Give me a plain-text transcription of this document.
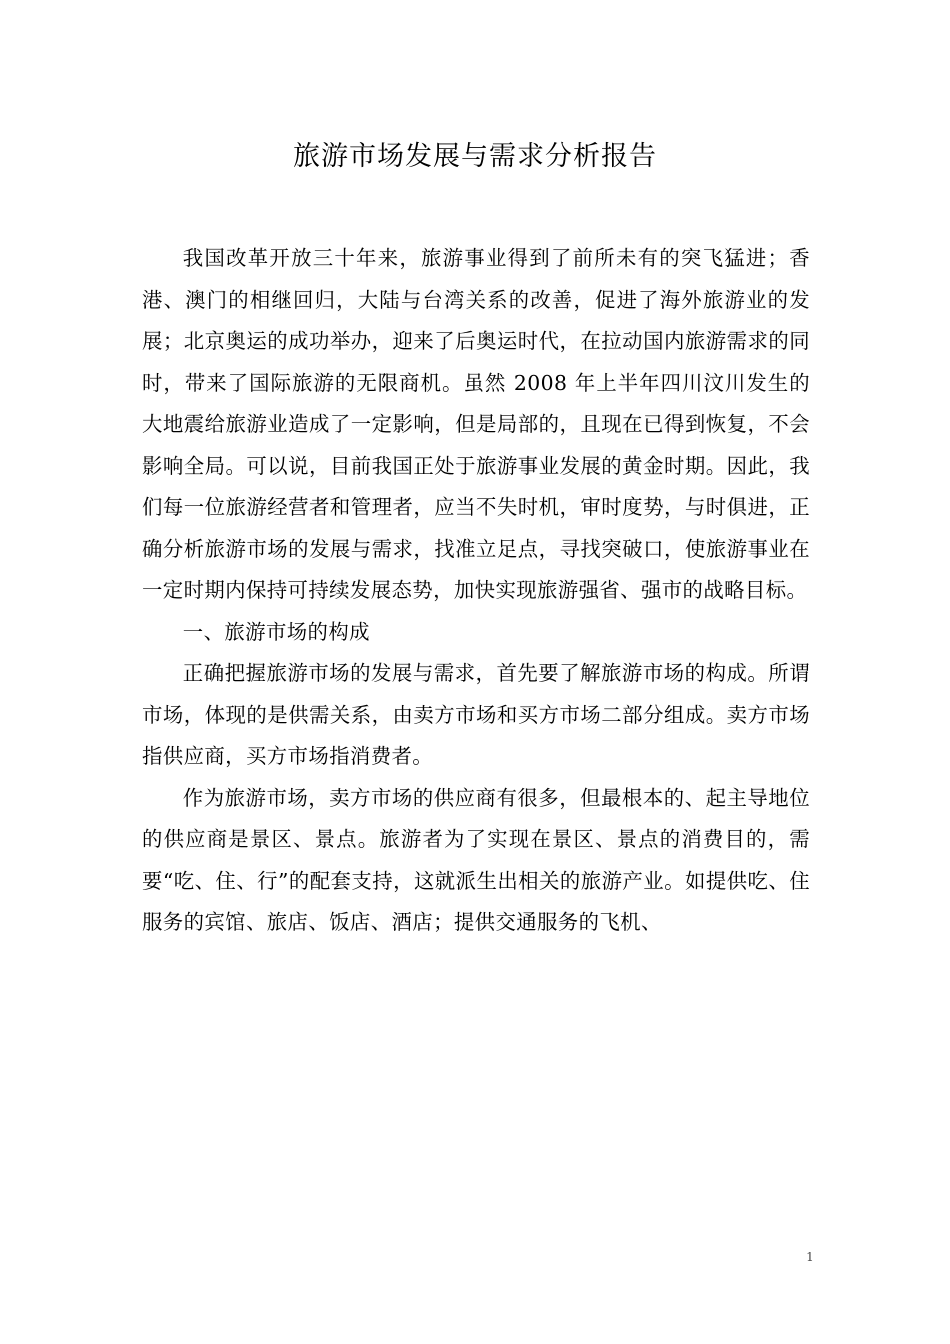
旅游市场发展与需求分析报告

我国改革开放三十年来，旅游事业得到了前所未有的突飞猛进；香港、澳门的相继回归，大陆与台湾关系的改善，促进了海外旅游业的发展；北京奥运的成功举办，迎来了后奥运时代，在拉动国内旅游需求的同时，带来了国际旅游的无限商机。虽然 2008 年上半年四川汶川发生的大地震给旅游业造成了一定影响，但是局部的，且现在已得到恢复，不会影响全局。可以说，目前我国正处于旅游事业发展的黄金时期。因此，我们每一位旅游经营者和管理者，应当不失时机，审时度势，与时俱进，正确分析旅游市场的发展与需求，找准立足点，寻找突破口，使旅游事业在一定时期内保持可持续发展态势，加快实现旅游强省、强市的战略目标。

一、旅游市场的构成

正确把握旅游市场的发展与需求，首先要了解旅游市场的构成。所谓市场，体现的是供需关系，由卖方市场和买方市场二部分组成。卖方市场指供应商，买方市场指消费者。

作为旅游市场，卖方市场的供应商有很多，但最根本的、起主导地位的供应商是景区、景点。旅游者为了实现在景区、景点的消费目的，需要“吃、住、行”的配套支持，这就派生出相关的旅游产业。如提供吃、住服务的宾馆、旅店、饭店、酒店；提供交通服务的飞机、

1
